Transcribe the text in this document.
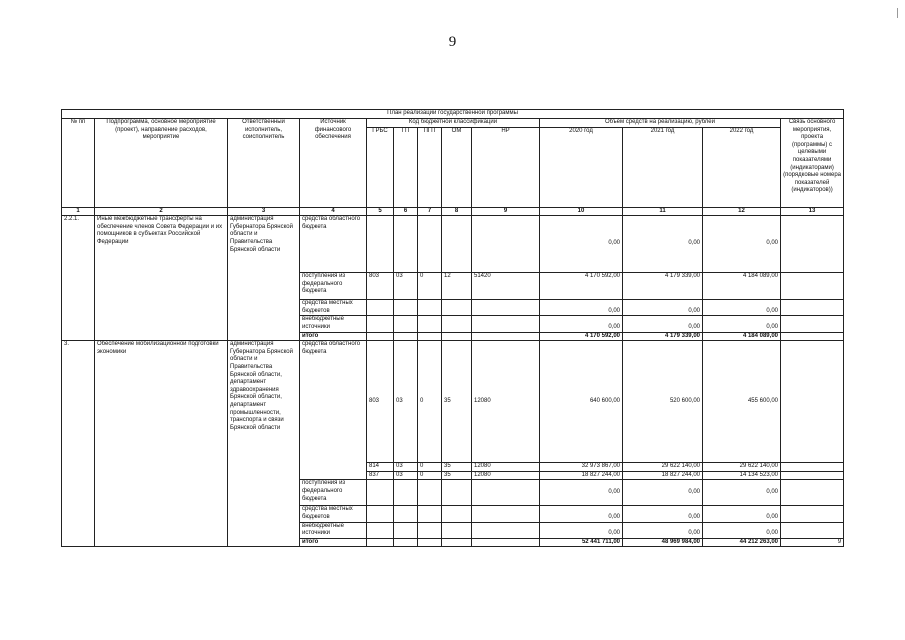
9
План реализации государственной программы												
№ пп	Подпрограмма, основное мероприятие (проект), направление расходов, мероприятие	Ответственный исполнитель, соисполнитель	Источник финансового обеспечения	Код бюджетной классификации					Объем средств на реализацию, рублей			Связь основного мероприятия, проекта (программы) с целевыми показателями (индикаторами) (порядковые номера показателей (индикаторов))
				ГРБС	ГП	ПГП	ОМ	НР	2020 год	2021 год	2022 год	
1	2	3	4	5	6	7	8	9	10	11	12	13
2.2.1.	Иные межбюджетные трансферты на обеспечение членов Совета Федерации и их помощников в субъектах Российской Федерации	администрация Губернатора Брянской области и Правительства Брянской области	средства областного бюджета						0,00	0,00	0,00	
			поступления из федерального бюджета	803	03	0	12	51420	4 170 592,00	4 179 339,00	4 184 089,00	
			средства местных бюджетов						0,00	0,00	0,00	
			внебюджетные источники						0,00	0,00	0,00	
			итого						4 170 592,00	4 179 339,00	4 184 089,00	
3.	Обеспечение мобилизационной подготовки экономики	администрация Губернатора Брянской области и Правительства Брянской области, департамент здравоохранения Брянской области, департамент промышленности, транспорта и связи Брянской области	средства областного бюджета	803	03	0	35	12080	640 600,00	520 600,00	455 600,00	
				814	03	0	35	12080	32 973 867,00	29 622 140,00	29 622 140,00	
				837	03	0	35	12080	18 827 244,00	18 827 244,00	14 134 523,00	
			поступления из федерального бюджета						0,00	0,00	0,00	
			средства местных бюджетов						0,00	0,00	0,00	
			внебюджетные источники						0,00	0,00	0,00	
			итого						52 441 711,00	48 969 984,00	44 212 263,00	9
